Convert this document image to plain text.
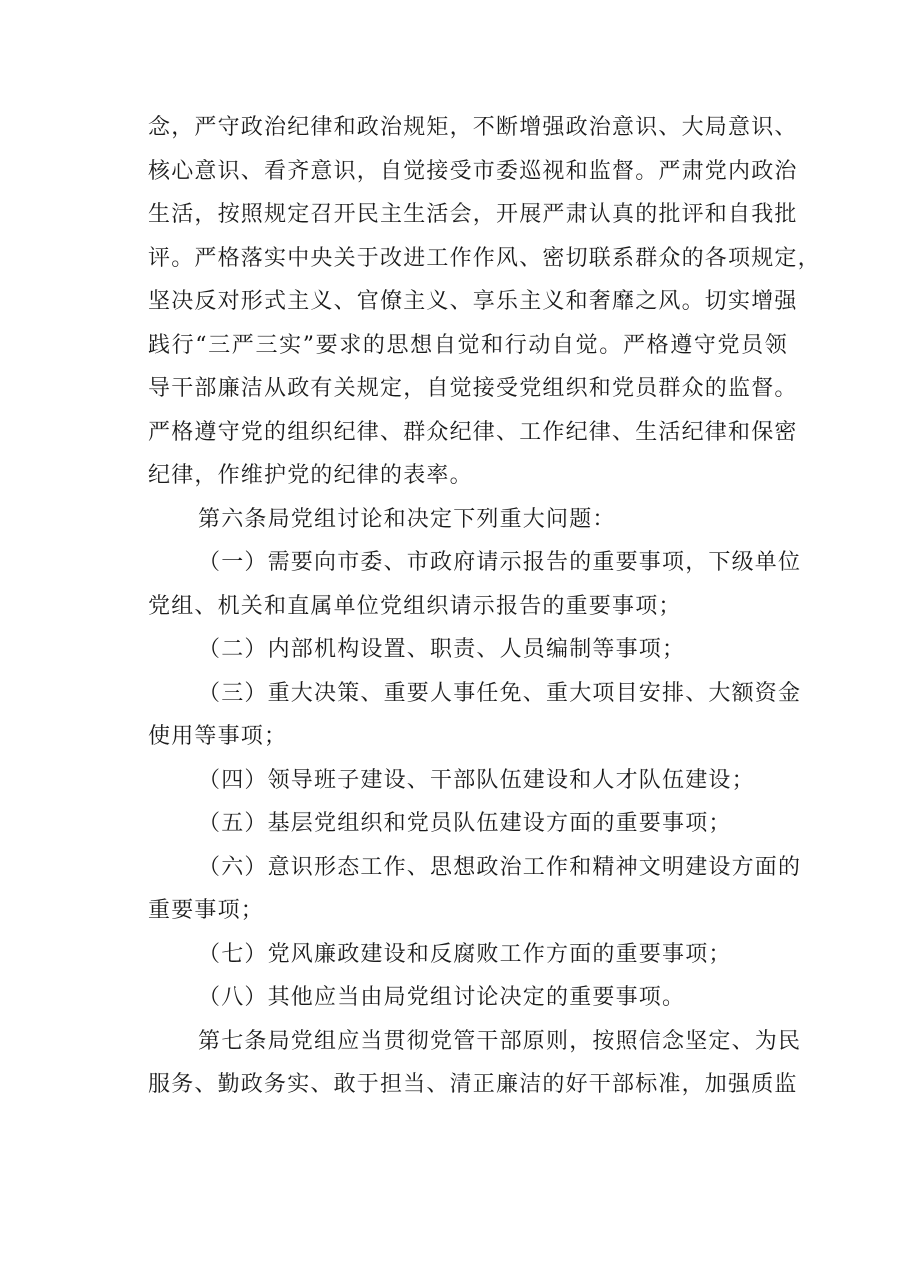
念，严守政治纪律和政治规矩，不断增强政治意识、大局意识、
核心意识、看齐意识，自觉接受市委巡视和监督。严肃党内政治
生活，按照规定召开民主生活会，开展严肃认真的批评和自我批
评。严格落实中央关于改进工作作风、密切联系群众的各项规定，
坚决反对形式主义、官僚主义、享乐主义和奢靡之风。切实增强
践行“三严三实”要求的思想自觉和行动自觉。严格遵守党员领
导干部廉洁从政有关规定，自觉接受党组织和党员群众的监督。
严格遵守党的组织纪律、群众纪律、工作纪律、生活纪律和保密
纪律，作维护党的纪律的表率。
第六条局党组讨论和决定下列重大问题：
（一）需要向市委、市政府请示报告的重要事项，下级单位
党组、机关和直属单位党组织请示报告的重要事项；
（二）内部机构设置、职责、人员编制等事项；
（三）重大决策、重要人事任免、重大项目安排、大额资金
使用等事项；
（四）领导班子建设、干部队伍建设和人才队伍建设；
（五）基层党组织和党员队伍建设方面的重要事项；
（六）意识形态工作、思想政治工作和精神文明建设方面的
重要事项；
（七）党风廉政建设和反腐败工作方面的重要事项；
（八）其他应当由局党组讨论决定的重要事项。
第七条局党组应当贯彻党管干部原则，按照信念坚定、为民
服务、勤政务实、敢于担当、清正廉洁的好干部标准，加强质监
